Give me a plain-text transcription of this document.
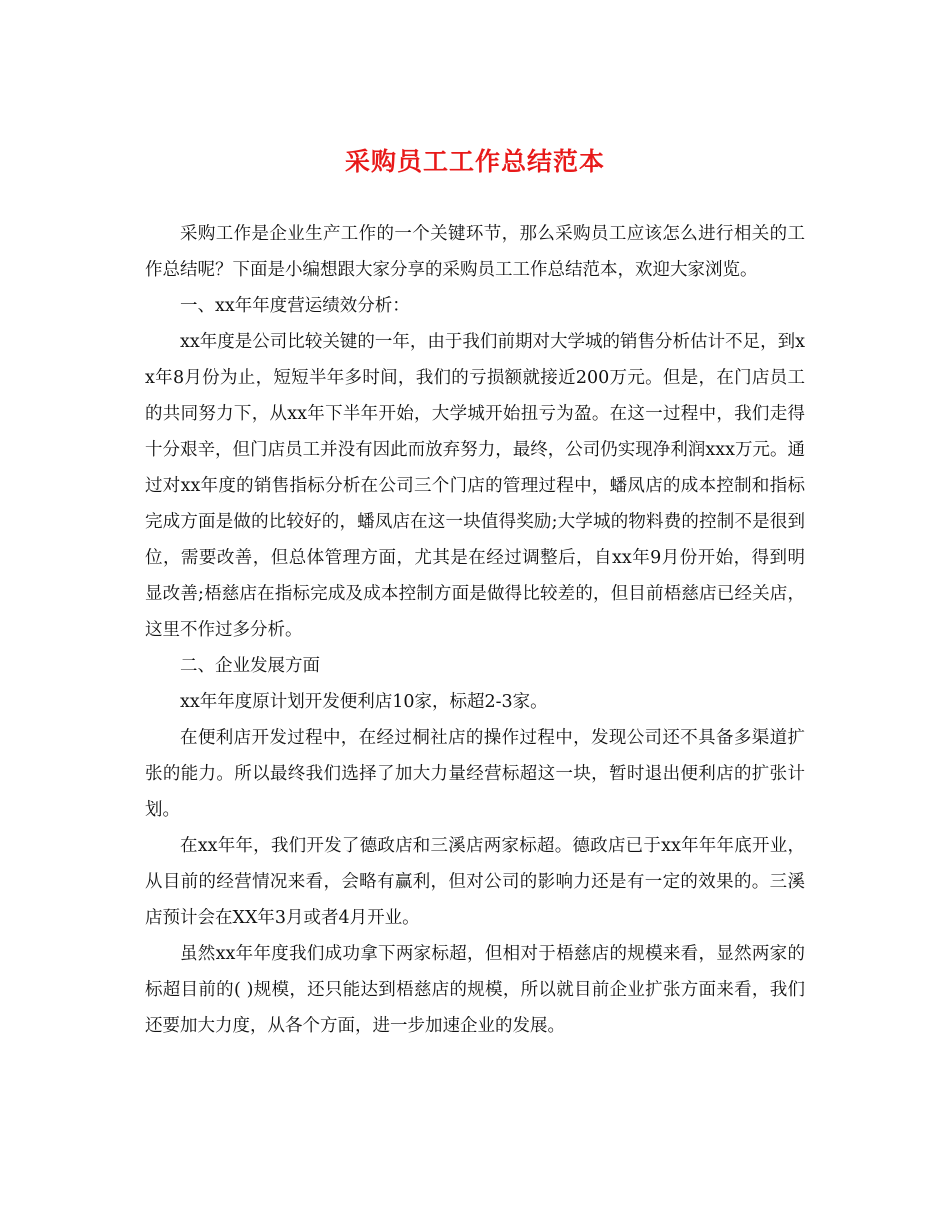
采购员工工作总结范本

采购工作是企业生产工作的一个关键环节，那么采购员工应该怎么进行相关的工作总结呢？下面是小编想跟大家分享的采购员工工作总结范本，欢迎大家浏览。

一、xx年年度营运绩效分析：

xx年度是公司比较关键的一年，由于我们前期对大学城的销售分析估计不足，到xx年8月份为止，短短半年多时间，我们的亏损额就接近200万元。但是，在门店员工的共同努力下，从xx年下半年开始，大学城开始扭亏为盈。在这一过程中，我们走得十分艰辛，但门店员工并没有因此而放弃努力，最终，公司仍实现净利润xxx万元。通过对xx年度的销售指标分析在公司三个门店的管理过程中，蟠凤店的成本控制和指标完成方面是做的比较好的，蟠凤店在这一块值得奖励;大学城的物料费的控制不是很到位，需要改善，但总体管理方面，尤其是在经过调整后，自xx年9月份开始，得到明显改善;梧慈店在指标完成及成本控制方面是做得比较差的，但目前梧慈店已经关店，这里不作过多分析。

二、企业发展方面

xx年年度原计划开发便利店10家，标超2-3家。

在便利店开发过程中，在经过桐社店的操作过程中，发现公司还不具备多渠道扩张的能力。所以最终我们选择了加大力量经营标超这一块，暂时退出便利店的扩张计划。

在xx年年，我们开发了德政店和三溪店两家标超。德政店已于xx年年年底开业，从目前的经营情况来看，会略有赢利，但对公司的影响力还是有一定的效果的。三溪店预计会在XX年3月或者4月开业。

虽然xx年年度我们成功拿下两家标超，但相对于梧慈店的规模来看，显然两家的标超目前的( )规模，还只能达到梧慈店的规模，所以就目前企业扩张方面来看，我们还要加大力度，从各个方面，进一步加速企业的发展。
